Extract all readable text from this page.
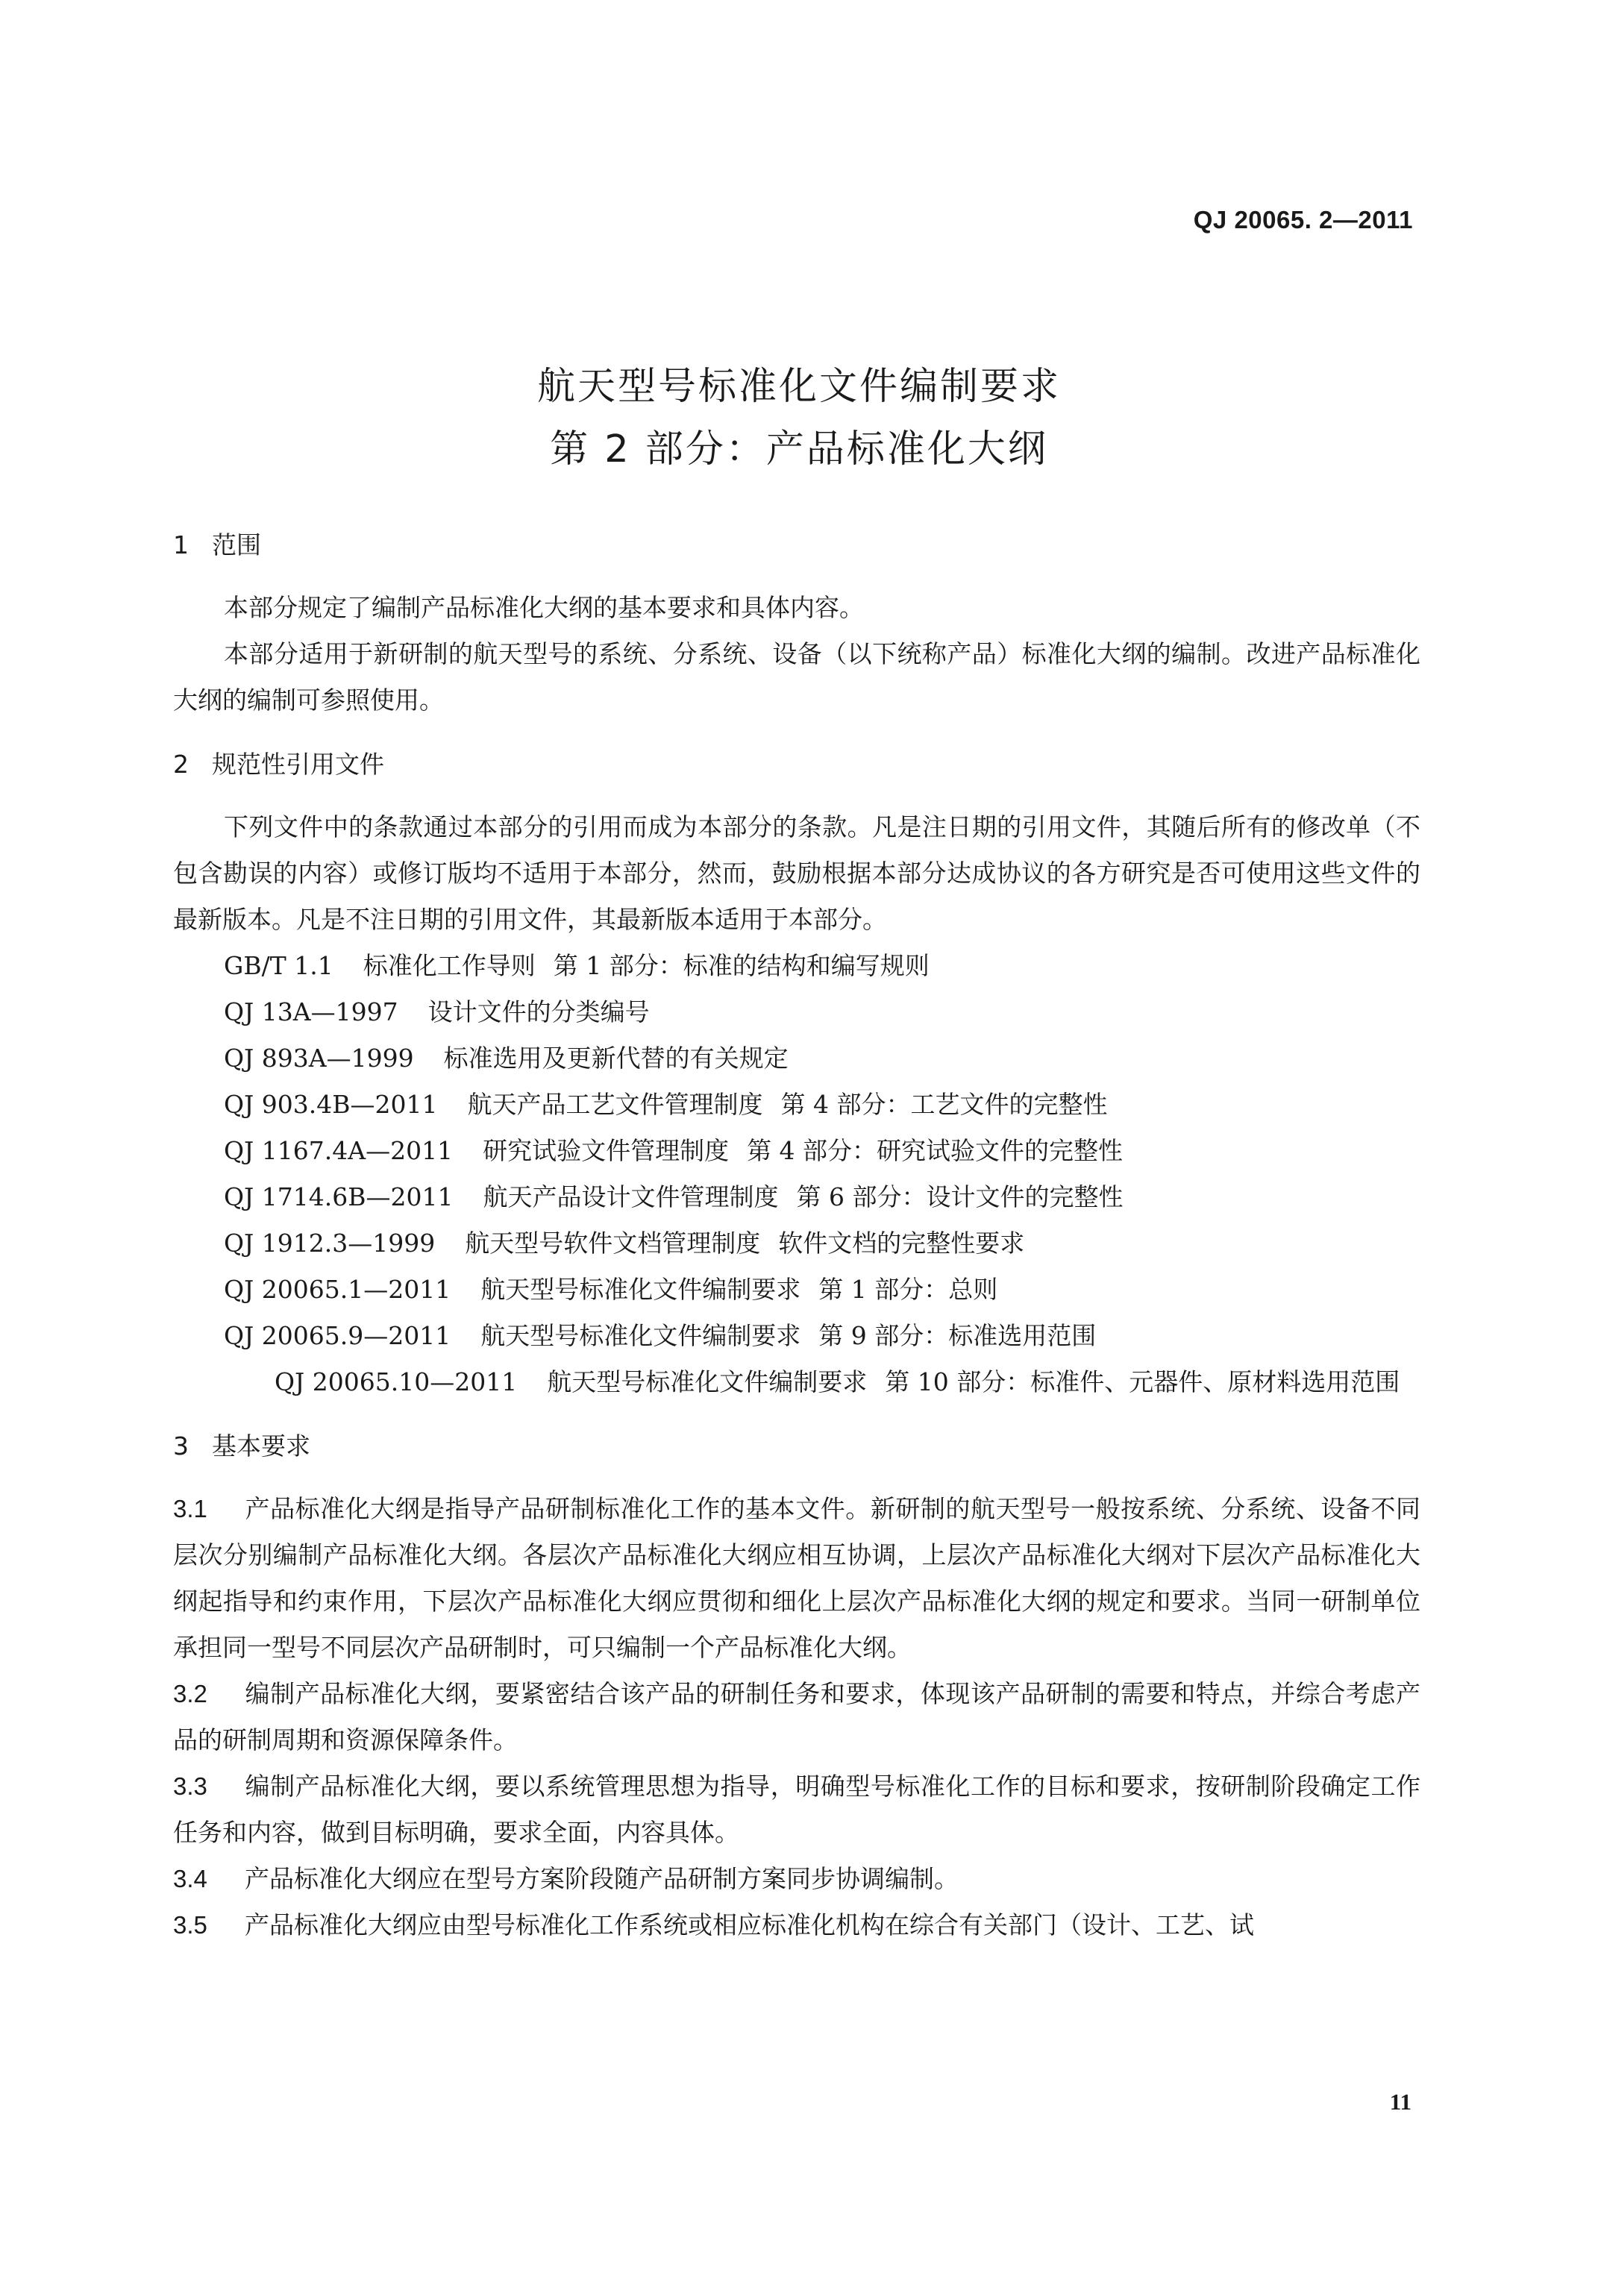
QJ 20065. 2—2011
航天型号标准化文件编制要求
第 2 部分：产品标准化大纲
1 范围

本部分规定了编制产品标准化大纲的基本要求和具体内容。

本部分适用于新研制的航天型号的系统、分系统、设备（以下统称产品）标准化大纲的编制。改进产品标准化大纲的编制可参照使用。

2 规范性引用文件

下列文件中的条款通过本部分的引用而成为本部分的条款。凡是注日期的引用文件，其随后所有的修改单（不包含勘误的内容）或修订版均不适用于本部分，然而，鼓励根据本部分达成协议的各方研究是否可使用这些文件的最新版本。凡是不注日期的引用文件，其最新版本适用于本部分。

GB/T 1.1 标准化工作导则 第 1 部分：标准的结构和编写规则
QJ 13A—1997 设计文件的分类编号
QJ 893A—1999 标准选用及更新代替的有关规定
QJ 903.4B—2011 航天产品工艺文件管理制度 第 4 部分：工艺文件的完整性
QJ 1167.4A—2011 研究试验文件管理制度 第 4 部分：研究试验文件的完整性
QJ 1714.6B—2011 航天产品设计文件管理制度 第 6 部分：设计文件的完整性
QJ 1912.3—1999 航天型号软件文档管理制度 软件文档的完整性要求
QJ 20065.1—2011 航天型号标准化文件编制要求 第 1 部分：总则
QJ 20065.9—2011 航天型号标准化文件编制要求 第 9 部分：标准选用范围
QJ 20065.10—2011 航天型号标准化文件编制要求 第 10 部分：标准件、元器件、原材料选用范围
3 基本要求

3.1 产品标准化大纲是指导产品研制标准化工作的基本文件。新研制的航天型号一般按系统、分系统、设备不同层次分别编制产品标准化大纲。各层次产品标准化大纲应相互协调，上层次产品标准化大纲对下层次产品标准化大纲起指导和约束作用，下层次产品标准化大纲应贯彻和细化上层次产品标准化大纲的规定和要求。当同一研制单位承担同一型号不同层次产品研制时，可只编制一个产品标准化大纲。

3.2 编制产品标准化大纲，要紧密结合该产品的研制任务和要求，体现该产品研制的需要和特点，并综合考虑产品的研制周期和资源保障条件。

3.3 编制产品标准化大纲，要以系统管理思想为指导，明确型号标准化工作的目标和要求，按研制阶段确定工作任务和内容，做到目标明确，要求全面，内容具体。

3.4 产品标准化大纲应在型号方案阶段随产品研制方案同步协调编制。

3.5 产品标准化大纲应由型号标准化工作系统或相应标准化机构在综合有关部门（设计、工艺、试

11
